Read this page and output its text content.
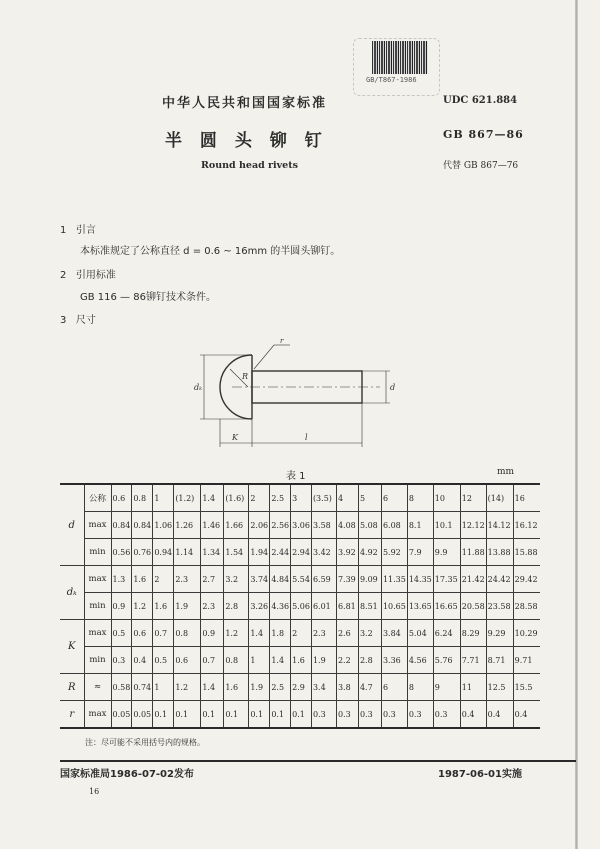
GB/T867-1986
中华人民共和国国家标准	UDC 621.884
半 圆 头 铆 钉	GB 867—86
Round head rivets	代替 GB 867—76
1 引言
本标准规定了公称直径 d = 0.6 ~ 16mm 的半圆头铆钉。
2 引用标准
GB 116 — 86铆钉技术条件。
3 尺寸
r
R
dₖ	d
K	l
表 1	mm
d	公称	0.6	0.8	1	(1.2)	1.4	(1.6)	2	2.5	3	(3.5)	4	5	6	8	10	12	(14)	16
	max	0.84	0.84	1.06	1.26	1.46	1.66	2.06	2.56	3.06	3.58	4.08	5.08	6.08	8.1	10.1	12.12	14.12	16.12
	min	0.56	0.76	0.94	1.14	1.34	1.54	1.94	2.44	2.94	3.42	3.92	4.92	5.92	7.9	9.9	11.88	13.88	15.88
dₖ	max	1.3	1.6	2	2.3	2.7	3.2	3.74	4.84	5.54	6.59	7.39	9.09	11.35	14.35	17.35	21.42	24.42	29.42
	min	0.9	1.2	1.6	1.9	2.3	2.8	3.26	4.36	5.06	6.01	6.81	8.51	10.65	13.65	16.65	20.58	23.58	28.58
K	max	0.5	0.6	0.7	0.8	0.9	1.2	1.4	1.8	2	2.3	2.6	3.2	3.84	5.04	6.24	8.29	9.29	10.29
	min	0.3	0.4	0.5	0.6	0.7	0.8	1	1.4	1.6	1.9	2.2	2.8	3.36	4.56	5.76	7.71	8.71	9.71
R	≈	0.58	0.74	1	1.2	1.4	1.6	1.9	2.5	2.9	3.4	3.8	4.7	6	8	9	11	12.5	15.5
r	max	0.05	0.05	0.1	0.1	0.1	0.1	0.1	0.1	0.1	0.3	0.3	0.3	0.3	0.3	0.3	0.4	0.4	0.4
注：尽可能不采用括号内的规格。
国家标准局1986-07-02发布	1987-06-01实施
16
